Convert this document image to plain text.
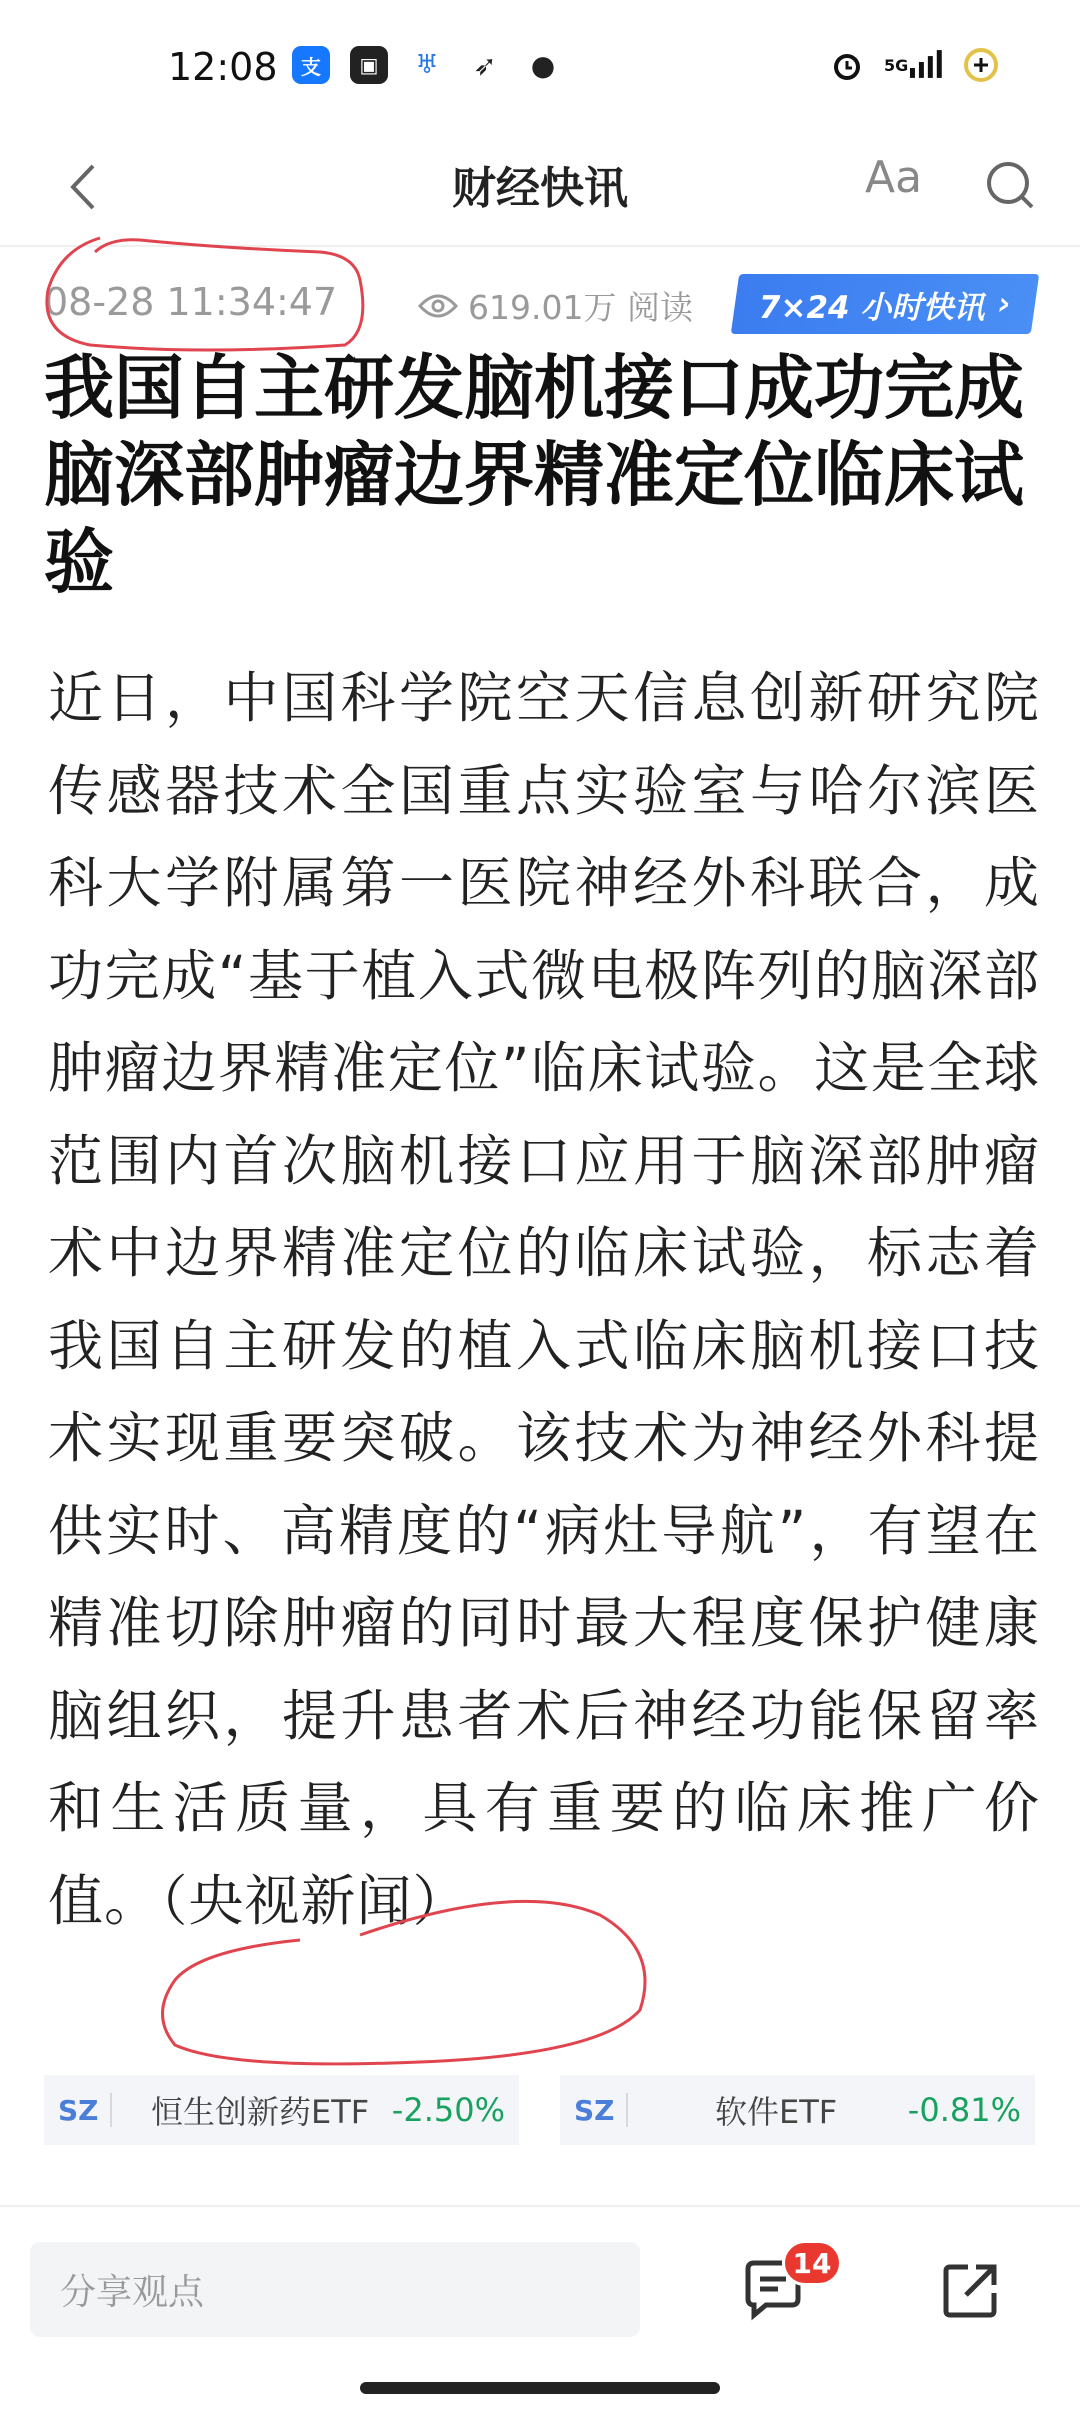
12:08	支	▣	♅ ➶ ●	5G
财经快讯	Aa
08-28 11:34:47	619.01万 阅读 7×24 小时快讯 ›
我国自主研发脑机接口成功完成脑深部肿瘤边界精准定位临床试验

近日，中国科学院空天信息创新研究院传感器技术全国重点实验室与哈尔滨医科大学附属第一医院神经外科联合，成功完成“基于植入式微电极阵列的脑深部肿瘤边界精准定位”临床试验。这是全球范围内首次脑机接口应用于脑深部肿瘤术中边界精准定位的临床试验，标志着我国自主研发的植入式临床脑机接口技术实现重要突破。该技术为神经外科提供实时、高精度的“病灶导航”，有望在精准切除肿瘤的同时最大程度保护健康脑组织，提升患者术后神经功能保留率和生活质量，具有重要的临床推广价值。（央视新闻）

SZ	恒生创新药ETF -2.50% SZ	软件ETF	-0.81%
分享观点
14
